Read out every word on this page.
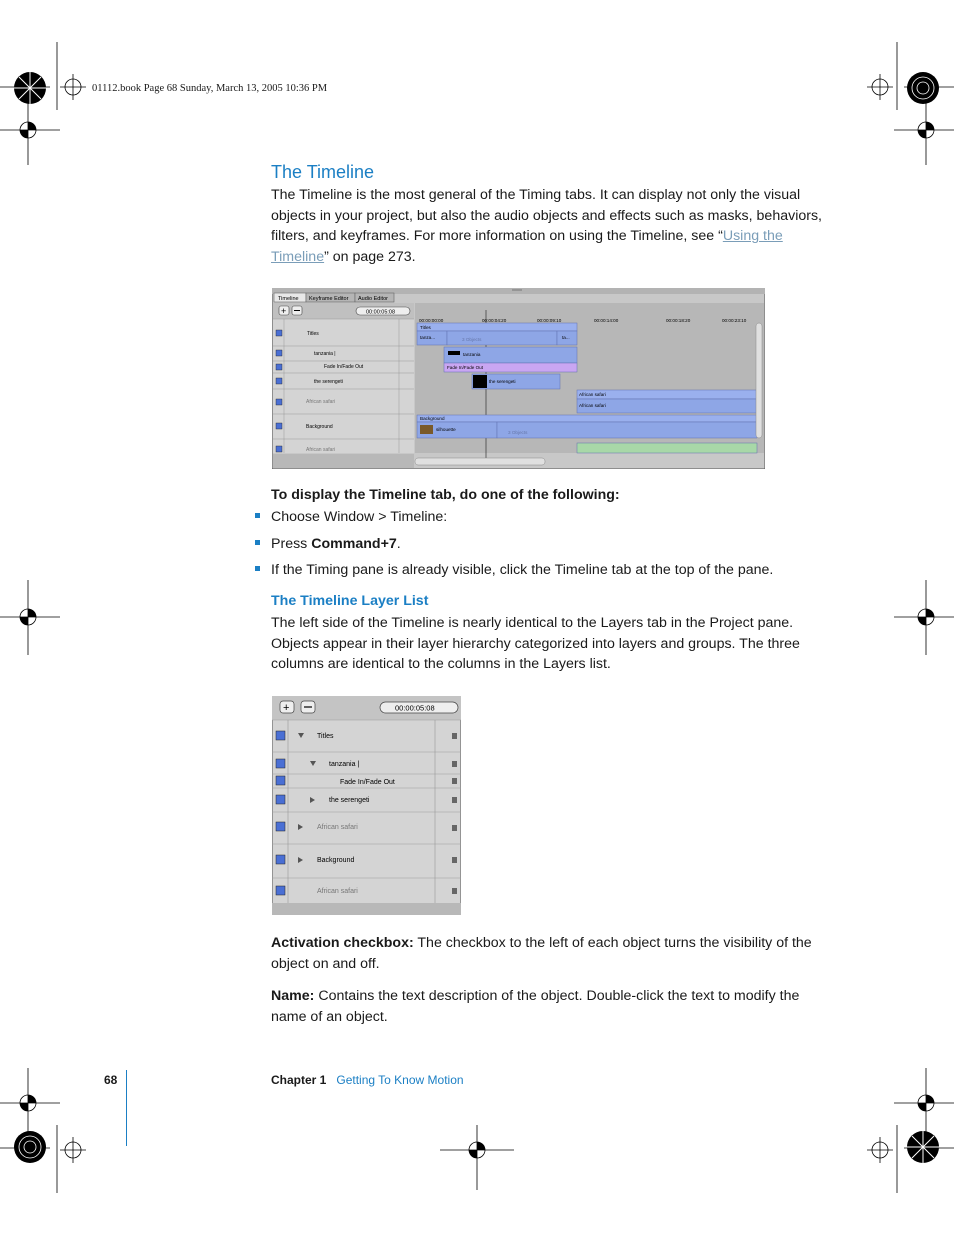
01112.book Page 68 Sunday, March 13, 2005 10:36 PM
The Timeline
The Timeline is the most general of the Timing tabs. It can display not only the visual objects in your project, but also the audio objects and effects such as masks, behaviors, filters, and keyframes. For more information on using the Timeline, see “Using the Timeline” on page 273.
Timeline Keyframe Editor Audio Editor
+	00:00:05:08
Titles
tanzania |
Fade In/Fade Out
the serengeti
African safari
Background
African safari
00:00:00:00	00:00:04:20	00:00:09:10	00:00:14:00	00:00:18:20	00:00:23:10
Titles
tanza...	3 Objects	ta...
tanzania
Fade In/Fade Out
the serengeti
African safari
African safari
Background
silhouette
3 Objects
To display the Timeline tab, do one of the following:
Choose Window > Timeline:
Press Command+7.
If the Timing pane is already visible, click the Timeline tab at the top of the pane.
The Timeline Layer List
The left side of the Timeline is nearly identical to the Layers tab in the Project pane. Objects appear in their layer hierarchy categorized into layers and groups. The three columns are identical to the columns in the Layers list.
+	00:00:05:08
Titles
tanzania |
Fade In/Fade Out
the serengeti
African safari
Background
African safari
Activation checkbox: The checkbox to the left of each object turns the visibility of the object on and off.
Name: Contains the text description of the object. Double-click the text to modify the name of an object.
68	Chapter 1 Getting To Know Motion
